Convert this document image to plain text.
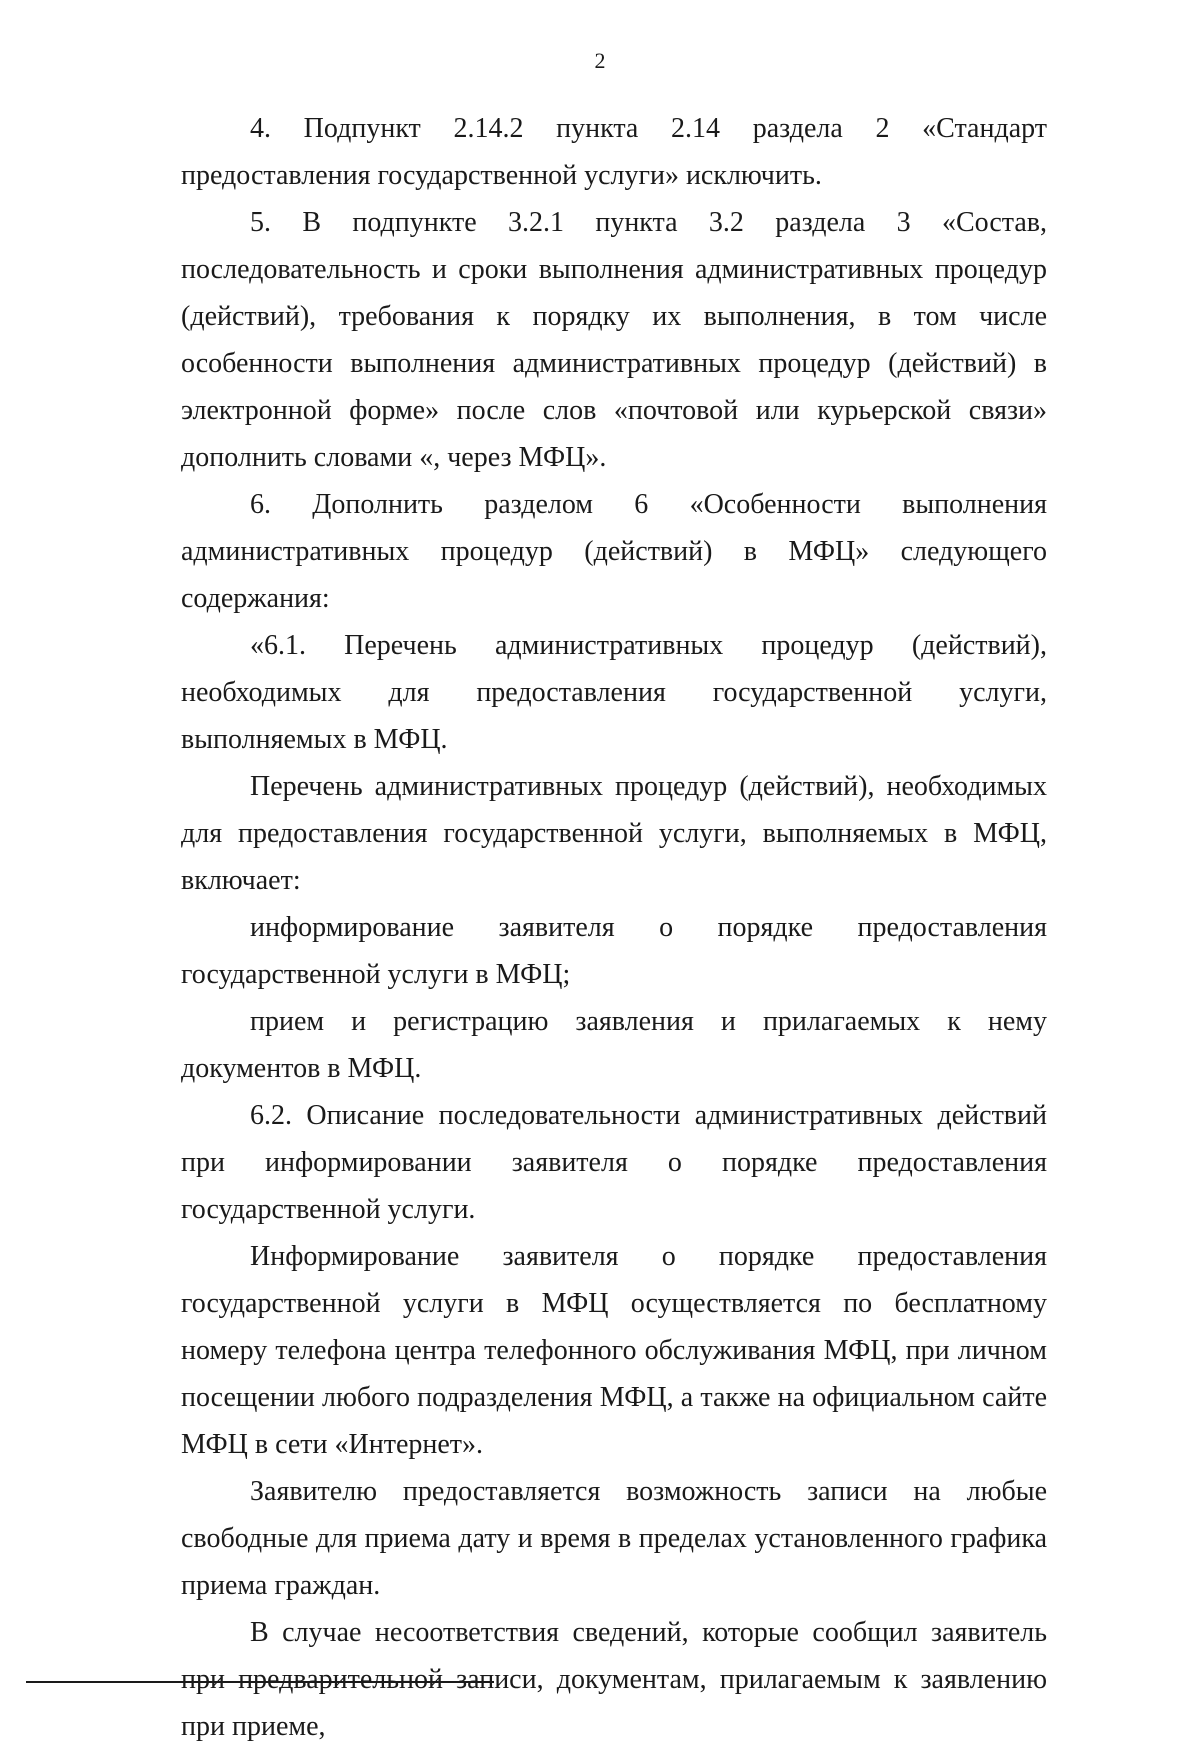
2

4. Подпункт 2.14.2 пункта 2.14 раздела 2 «Стандарт предоставления государственной услуги» исключить.

5. В подпункте 3.2.1 пункта 3.2 раздела 3 «Состав, последовательность и сроки выполнения административных процедур (действий), требования к порядку их выполнения, в том числе особенности выполнения административных процедур (действий) в электронной форме» после слов «почтовой или курьерской связи» дополнить словами «, через МФЦ».

6. Дополнить разделом 6 «Особенности выполнения административных процедур (действий) в МФЦ» следующего содержания:

«6.1. Перечень административных процедур (действий), необходимых для предоставления государственной услуги, выполняемых в МФЦ.

Перечень административных процедур (действий), необходимых для предоставления государственной услуги, выполняемых в МФЦ, включает:

информирование заявителя о порядке предоставления государственной услуги в МФЦ;

прием и регистрацию заявления и прилагаемых к нему документов в МФЦ.

6.2. Описание последовательности административных действий при информировании заявителя о порядке предоставления государственной услуги.

Информирование заявителя о порядке предоставления государственной услуги в МФЦ осуществляется по бесплатному номеру телефона центра телефонного обслуживания МФЦ, при личном посещении любого подразделения МФЦ, а также на официальном сайте МФЦ в сети «Интернет».

Заявителю предоставляется возможность записи на любые свободные для приема дату и время в пределах установленного графика приема граждан.

В случае несоответствия сведений, которые сообщил заявитель при предварительной записи, документам, прилагаемым к заявлению при приеме,
